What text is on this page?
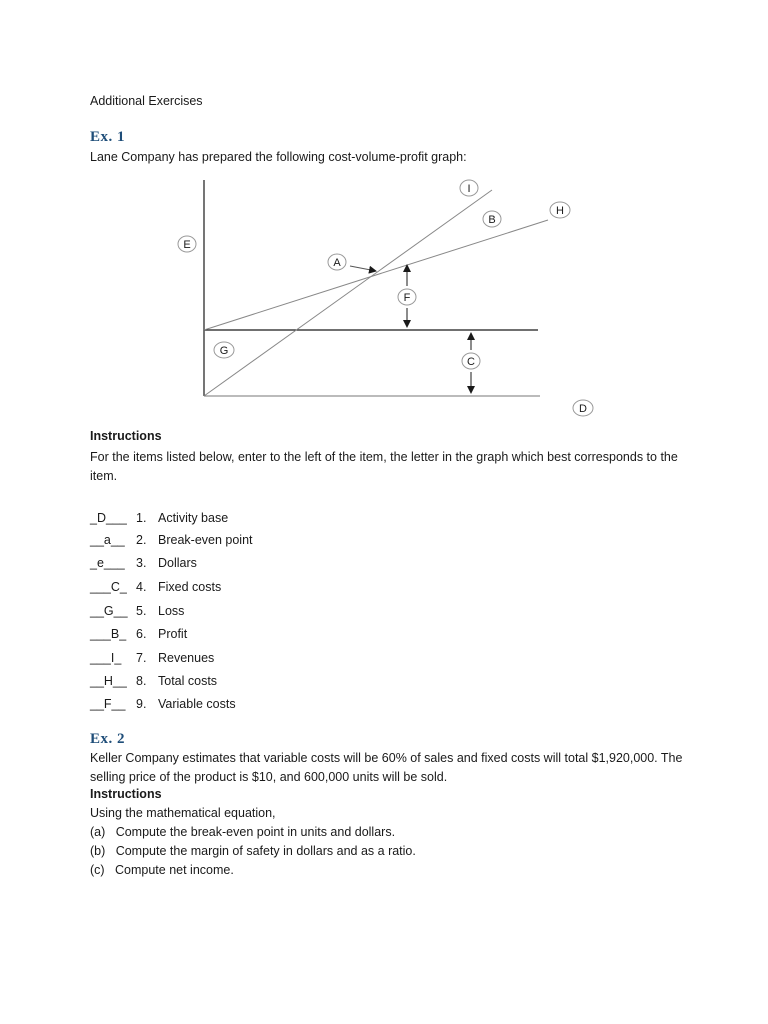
Additional Exercises
Ex. 1
Lane Company has prepared the following cost-volume-profit graph:
E
A
F
G
C
D
I
B
H
Instructions
For the items listed below, enter to the left of the item, the letter in the graph which best corresponds to the item.
_D___ 1. Activity base
__a__ 2. Break-even point
_e___ 3. Dollars
___C_ 4. Fixed costs
__G__ 5. Loss
___B_ 6. Profit
___I_	7. Revenues
__H__ 8. Total costs
__F__ 9. Variable costs
Ex. 2
Keller Company estimates that variable costs will be 60% of sales and fixed costs will total $1,920,000. The selling price of the product is $10, and 600,000 units will be sold.
Instructions
Using the mathematical equation,
(a) Compute the break-even point in units and dollars.
(b) Compute the margin of safety in dollars and as a ratio.
(c) Compute net income.
